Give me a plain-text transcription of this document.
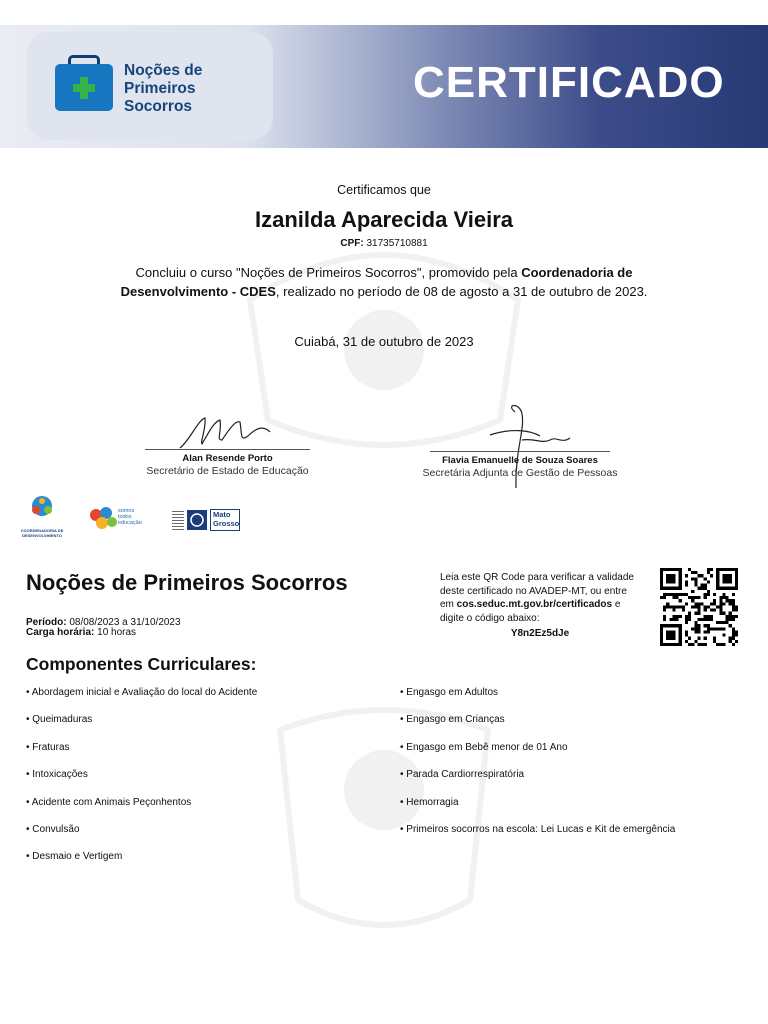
Noções de
Primeiros
Socorros	CERTIFICADO
Certificamos que
Izanilda Aparecida Vieira
CPF: 31735710881
Concluiu o curso "Noções de Primeiros Socorros", promovido pela Coordenadoria de Desenvolvimento - CDES, realizado no período de 08 de agosto a 31 de outubro de 2023.
Cuiabá, 31 de outubro de 2023
Alan Resende Porto
Secretário de Estado de Educação
Flavia Emanuelle de Souza Soares
Secretária Adjunta de Gestão de Pessoas
COORDENADORIA DE DESENVOLVIMENTO
somos
todos
educação
Mato
Grosso
Noções de Primeiros Socorros
Período: 08/08/2023 a 31/10/2023
Carga horária: 10 horas
Leia este QR Code para verificar a validade
deste certificado no AVADEP-MT, ou entre
em cos.seduc.mt.gov.br/certificados e
digite o código abaixo:
Y8n2Ez5dJe
Componentes Curriculares:
• Abordagem inicial e Avaliação do local do Acidente
• Queimaduras
• Fraturas
• Intoxicações
• Acidente com Animais Peçonhentos
• Convulsão
• Desmaio e Vertigem
• Engasgo em Adultos
• Engasgo em Crianças
• Engasgo em Bebê menor de 01 Ano
• Parada Cardiorrespiratória
• Hemorragia
• Primeiros socorros na escola: Lei Lucas e Kit de emergência
